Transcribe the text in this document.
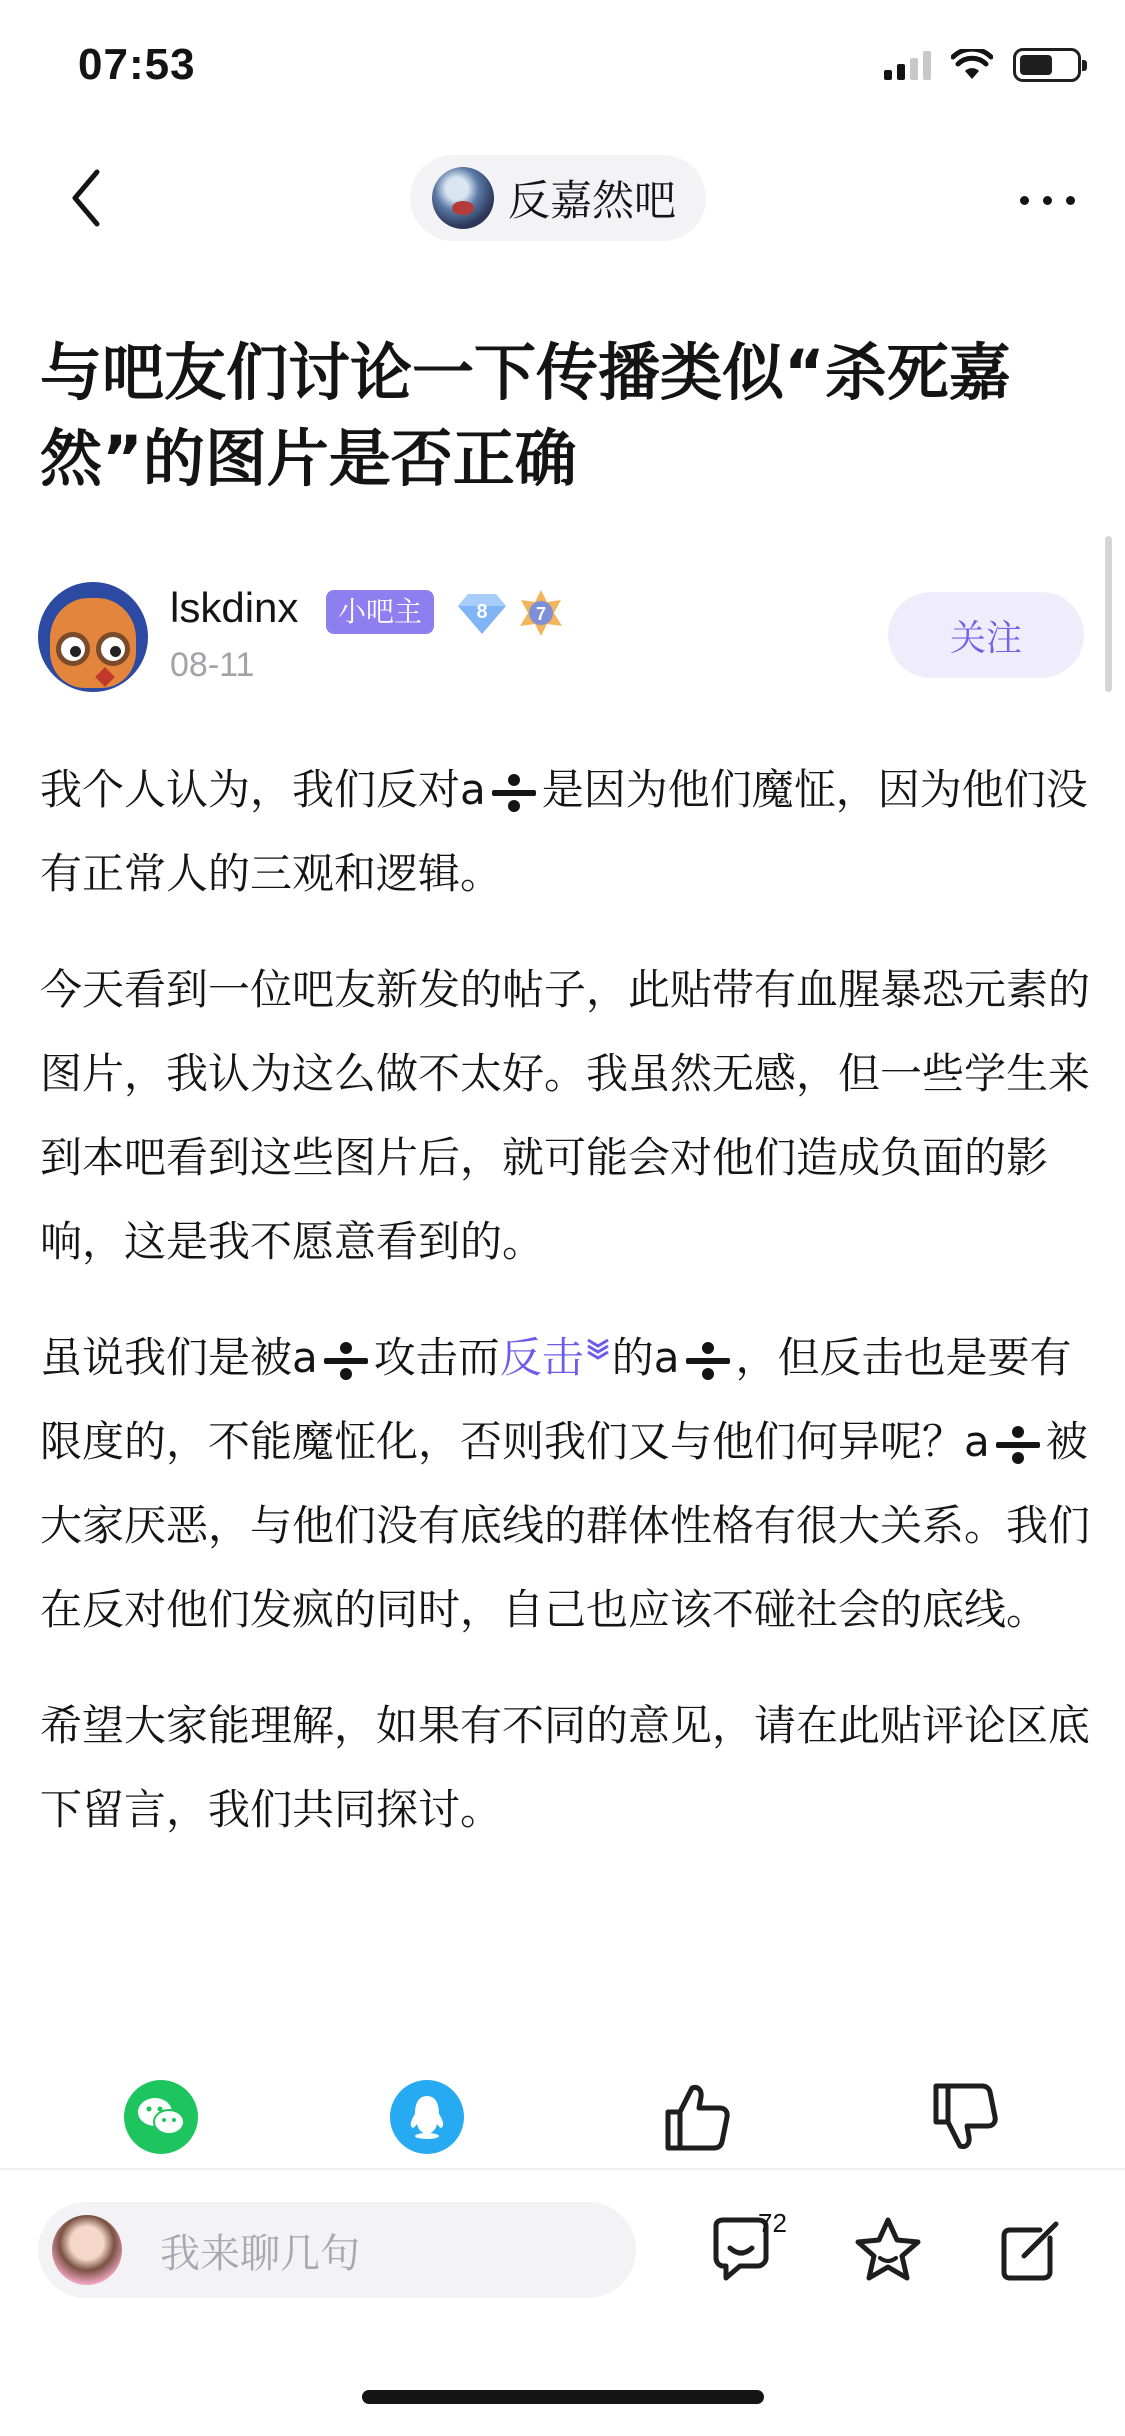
07:53
反嘉然吧
与吧友们讨论一下传播类似“杀死嘉然”的图片是否正确
lskdinx	小吧主	8	7
08-11
关注

我个人认为，我们反对a 是因为他们魔怔，因为他们没有正常人的三观和逻辑。

今天看到一位吧友新发的帖子，此贴带有血腥暴恐元素的图片，我认为这么做不太好。我虽然无感，但一些学生来到本吧看到这些图片后，就可能会对他们造成负面的影响，这是我不愿意看到的。

虽说我们是被a 攻击而反击 的a ，但反击也是要有限度的，不能魔怔化，否则我们又与他们何异呢？a 被大家厌恶，与他们没有底线的群体性格有很大关系。我们在反对他们发疯的同时，自己也应该不碰社会的底线。

希望大家能理解，如果有不同的意见，请在此贴评论区底下留言，我们共同探讨。

我来聊几句
72
